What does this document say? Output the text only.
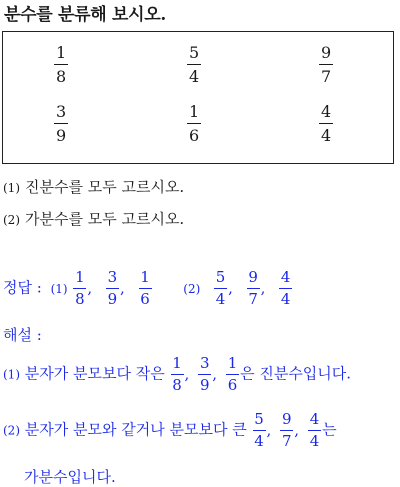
분수를 분류해 보시오.
1
8
5
4
9
7
3
9
1
6
4
4
(1) 진분수를 모두 고르시오.
(2) 가분수를 모두 고르시오.
정답 : $(1) \frac{1}{8}$ , $\frac{3}{9}$ , $\frac{1}{6}$	$(2) \frac{5}{4}$ , $\frac{9}{7}$ , $\frac{4}{4}$
해설 :
(1) 분자가 분모보다 작은 $\frac{1}{8}$ , $\frac{3}{9}$ , $\frac{1}{6}$ 은 진분수입니다.
(2) 분자가 분모와 같거나 분모보다 큰 $\frac{5}{4}$ , $\frac{9}{7}$ , $\frac{4}{4}$ 는
가분수입니다.
